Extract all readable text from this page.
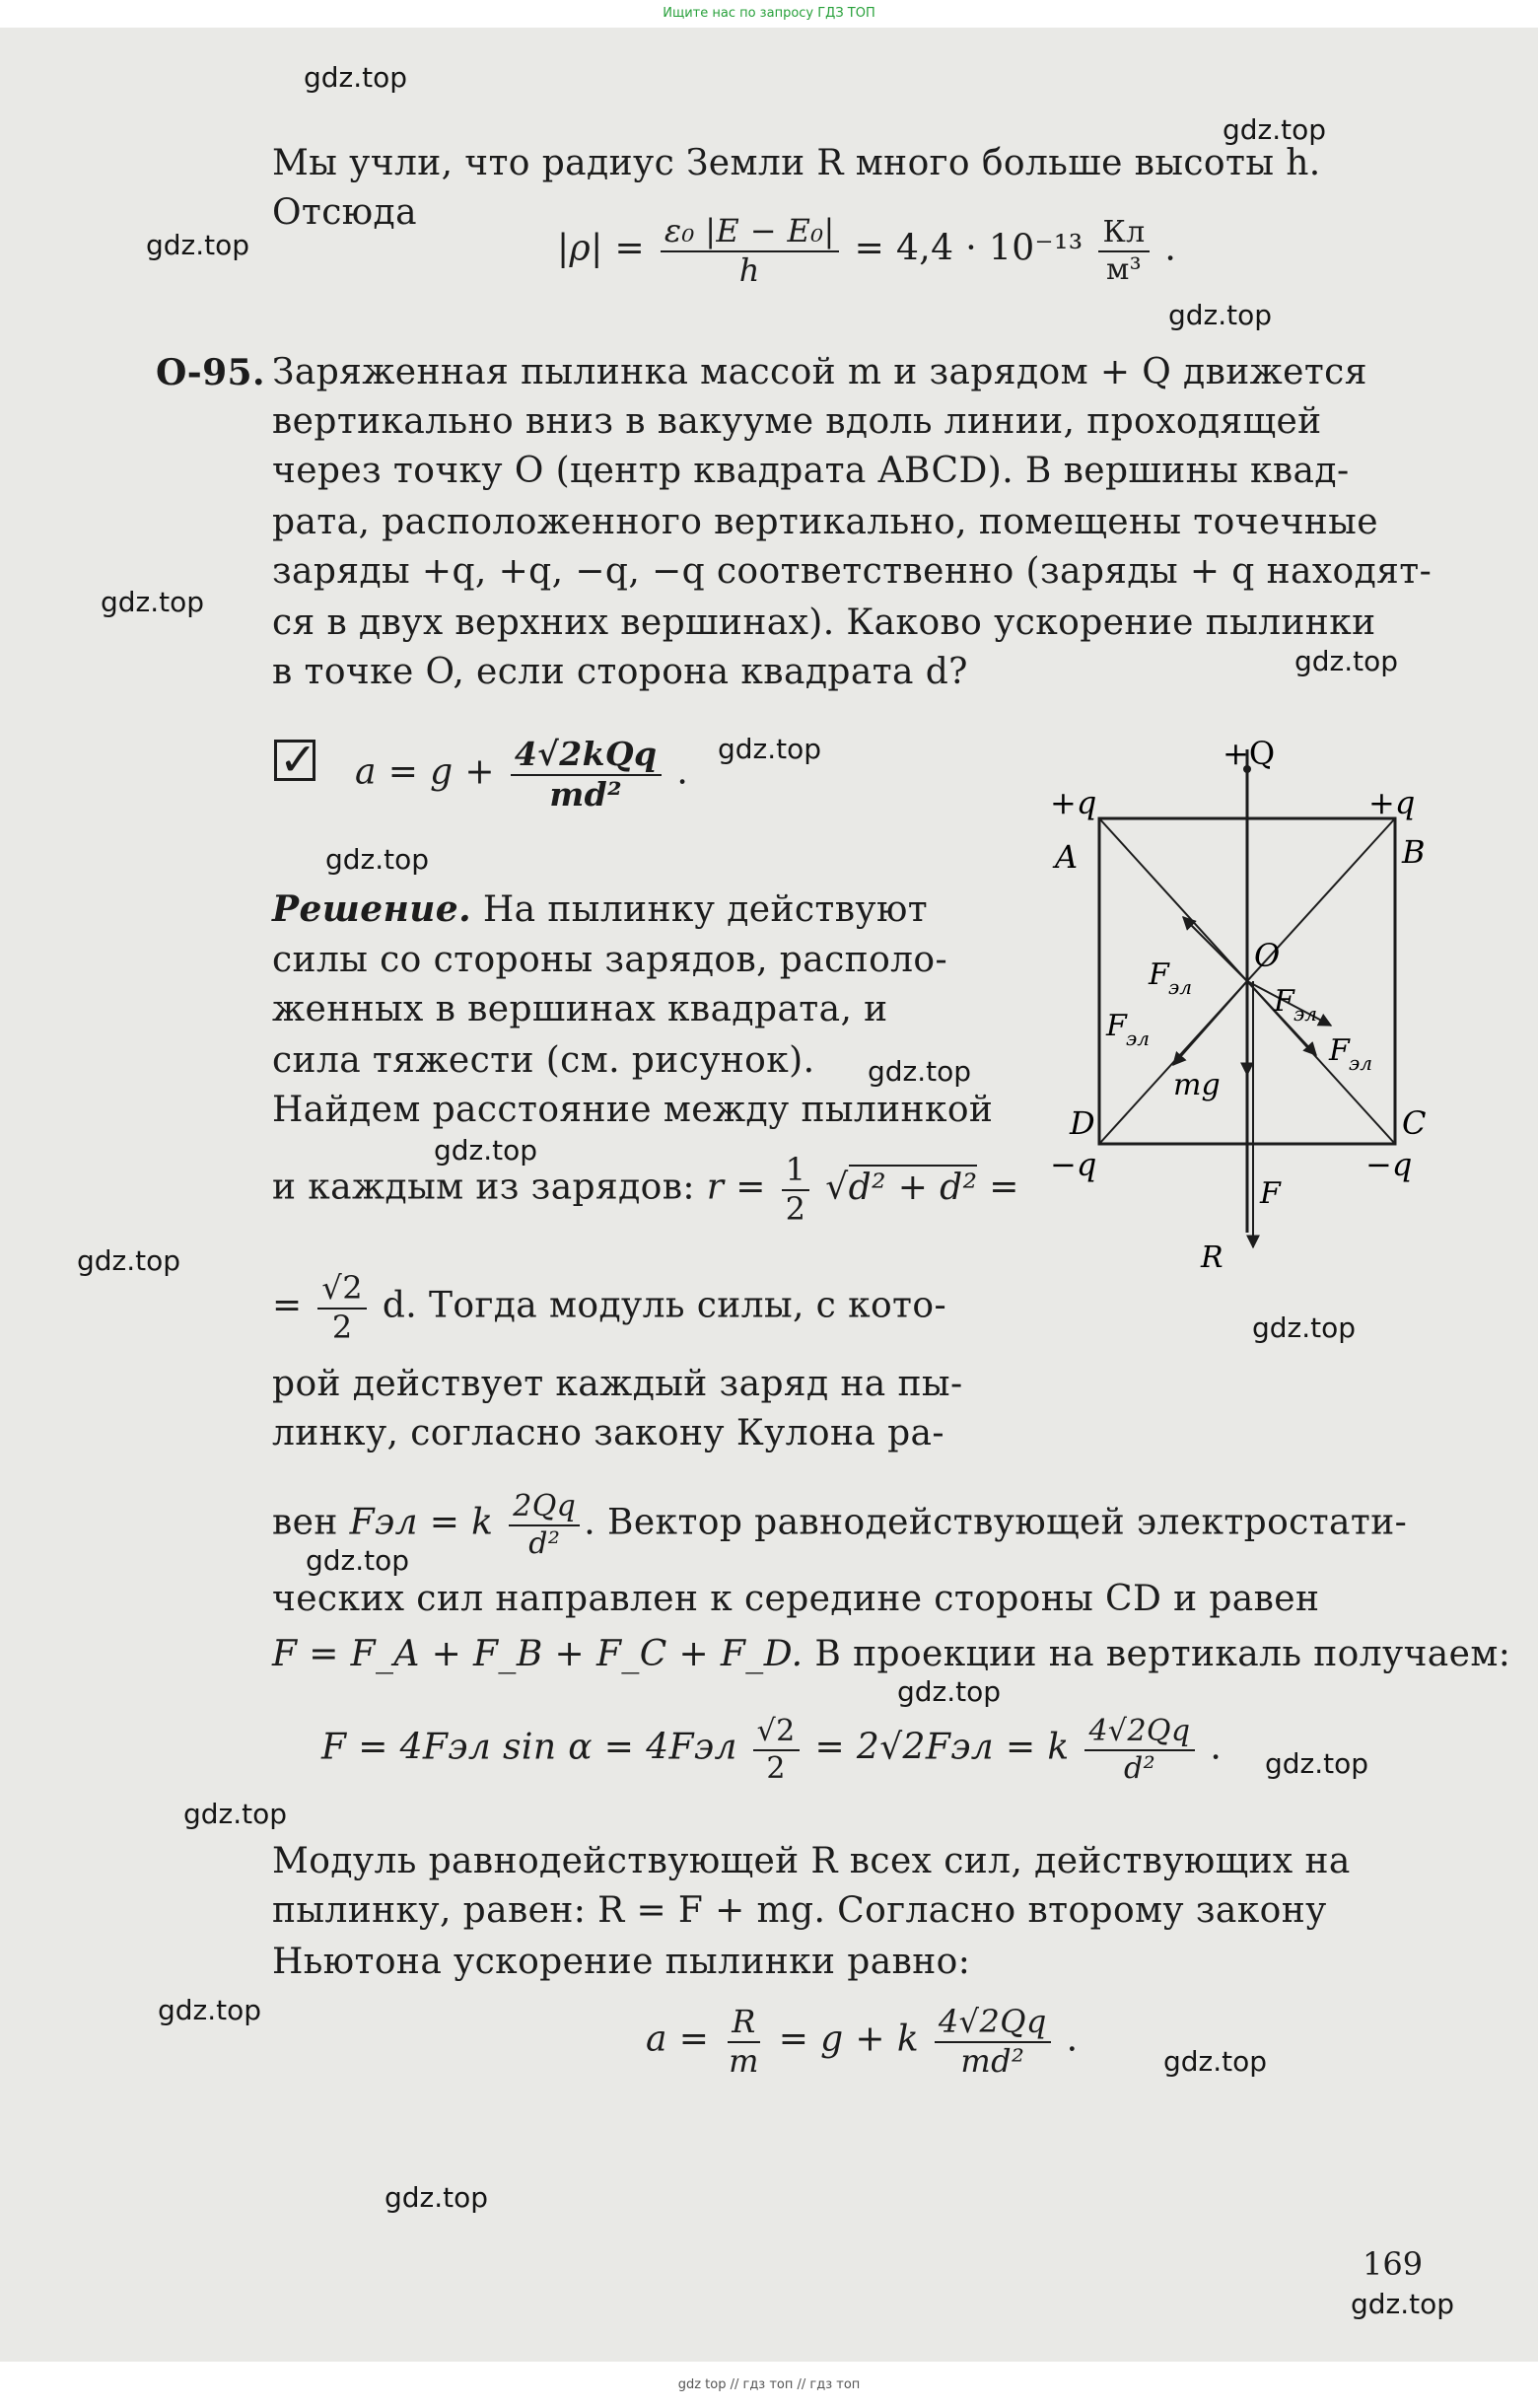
gdz.top
gdz.top
gdz.top
gdz.top
gdz.top
gdz.top
gdz.top
gdz.top
gdz.top
gdz.top
gdz.top
gdz.top
gdz.top
gdz.top
gdz.top
gdz.top
gdz.top
gdz.top
gdz.top
gdz.top
Мы учли, что радиус Земли R много больше высоты h.
Отсюда
$|\rho| = \frac{\text{ε₀ |E − E₀|}}{h} = 4,4 \cdot 10^{-13} \frac{Кл}{\text{м³}}$ .
О-95. Заряженная пылинка массой m и зарядом + Q движется
вертикально вниз в вакууме вдоль линии, проходящей
через точку O (центр квадрата ABCD). В вершины квад-
рата, расположенного вертикально, помещены точечные
заряды +q, +q, −q, −q соответственно (заряды + q находят-
ся в двух верхних вершинах). Каково ускорение пылинки
в точке O, если сторона квадрата d?
✓ $a = g + \frac{\text{4√2kQq}}{\text{md²}}$ .
Решение. На пылинку действуют
силы со стороны зарядов, располо-
женных в вершинах квадрата, и
сила тяжести (см. рисунок).
Найдем расстояние между пылинкой
и каждым из зарядов: $r = \frac{1}{2} √d^2 + d^2$ =
= $\frac{√2}{2} d$. Тогда модуль силы, с кото-
рой действует каждый заряд на пы-
линку, согласно закону Кулона ра-
вен Fэл = k $\frac{2Qq}{\text{d²}}$ . Вектор равнодействующей электростати-
ческих сил направлен к середине стороны CD и равен
F = F_A + F_B + F_C + F_D. В проекции на вертикаль получаем:
F = 4Fэл $\sin \alpha = 4Fэл \frac{√2}{2} = 2√2Fэл = k \frac{4√2Qq}{\text{d²}}$ .
Модуль равнодействующей R всех сил, действующих на
пылинку, равен: R = F + mg. Согласно второму закону
Ньютона ускорение пылинки равно:
$a = \frac{R}{m} = g + k \frac{4√2Qq}{\text{md²}}$ .
169
+Q
+q	+q
−q	−q
A	B
C
D
O
F эл	F эл
F эл	F эл
mg
F
R
Ищите нас по запросу ГДЗ ТОП
gdz top // гдз топ // гдз топ
